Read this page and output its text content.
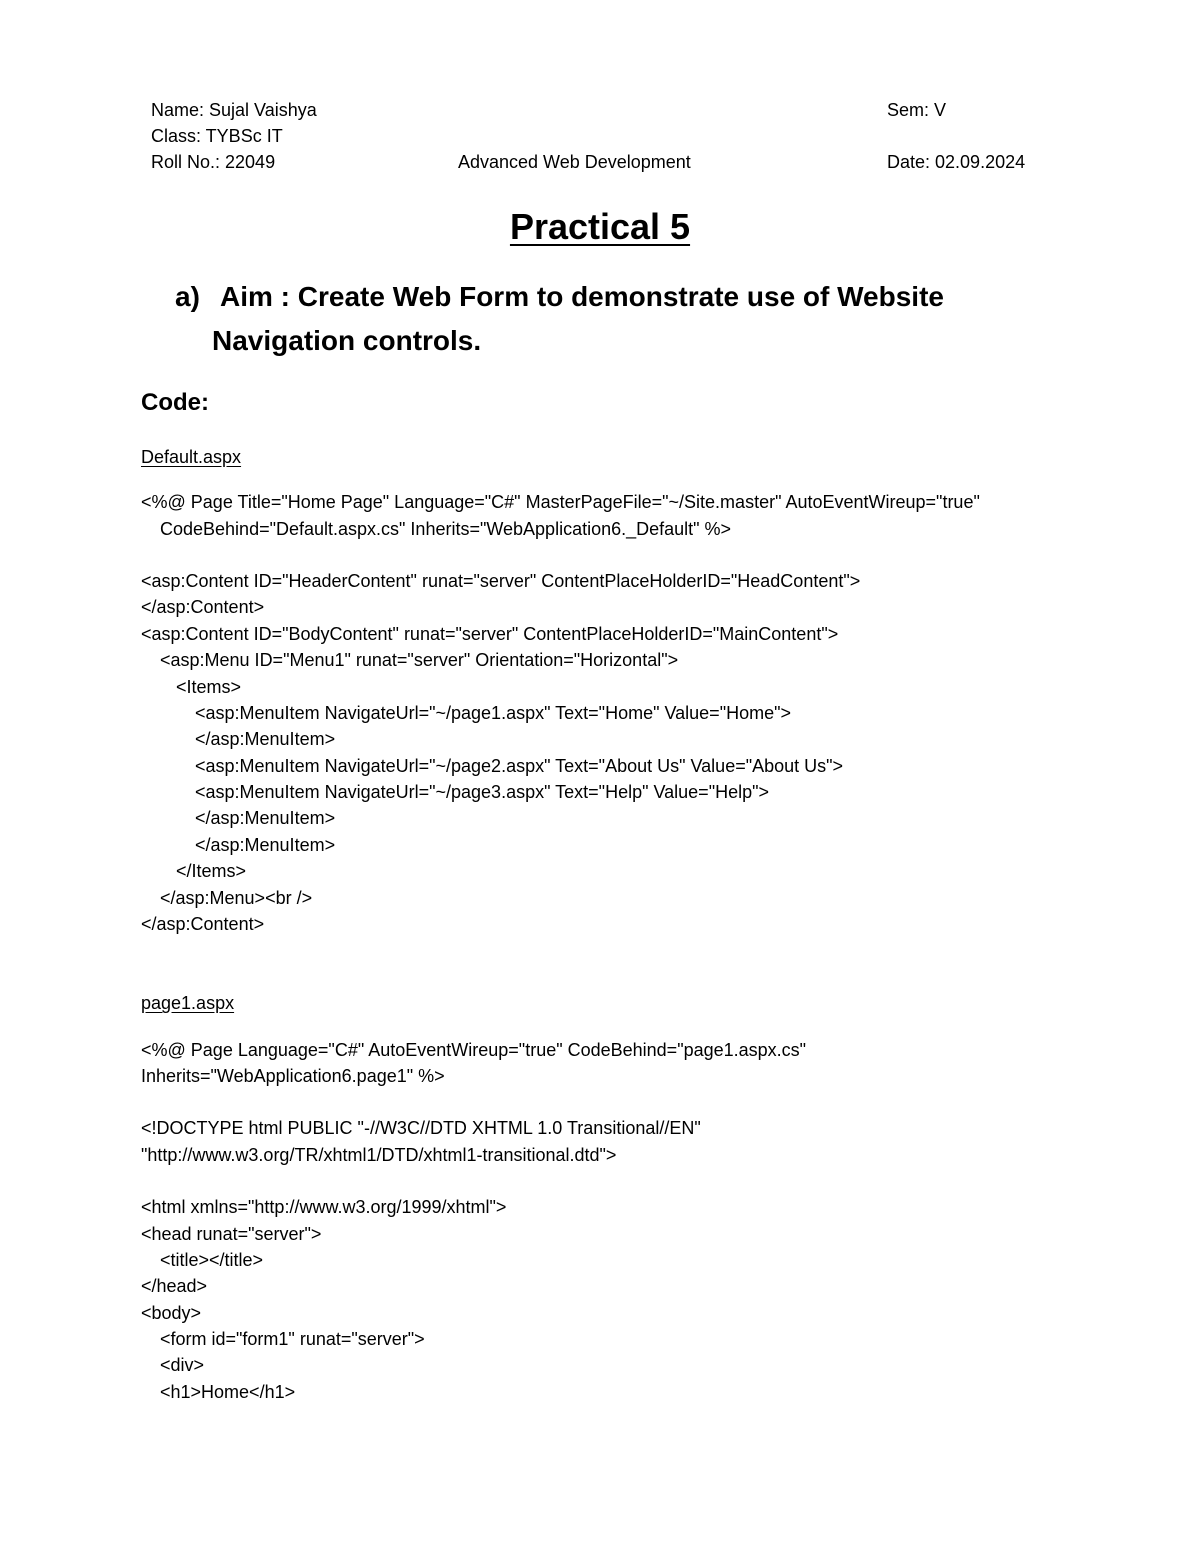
Name: Sujal Vaishya
Class: TYBSc IT
Roll No.: 22049	Advanced Web Development
Sem: V
Date: 02.09.2024
Practical 5
a) Aim : Create Web Form to demonstrate use of Website
Navigation controls.
Code:
Default.aspx
<%@ Page Title="Home Page" Language="C#" MasterPageFile="~/Site.master" AutoEventWireup="true"
CodeBehind="Default.aspx.cs" Inherits="WebApplication6._Default" %>
<asp:Content ID="HeaderContent" runat="server" ContentPlaceHolderID="HeadContent">
</asp:Content>
<asp:Content ID="BodyContent" runat="server" ContentPlaceHolderID="MainContent">
<asp:Menu ID="Menu1" runat="server" Orientation="Horizontal">
<Items>
<asp:MenuItem NavigateUrl="~/page1.aspx" Text="Home" Value="Home">
</asp:MenuItem>
<asp:MenuItem NavigateUrl="~/page2.aspx" Text="About Us" Value="About Us">
<asp:MenuItem NavigateUrl="~/page3.aspx" Text="Help" Value="Help">
</asp:MenuItem>
</asp:MenuItem>
</Items>
</asp:Menu><br />
</asp:Content>
page1.aspx
<%@ Page Language="C#" AutoEventWireup="true" CodeBehind="page1.aspx.cs"
Inherits="WebApplication6.page1" %>
<!DOCTYPE html PUBLIC "-//W3C//DTD XHTML 1.0 Transitional//EN"
"http://www.w3.org/TR/xhtml1/DTD/xhtml1-transitional.dtd">
<html xmlns="http://www.w3.org/1999/xhtml">
<head runat="server">
<title></title>
</head>
<body>
<form id="form1" runat="server">
<div>
<h1>Home</h1>
